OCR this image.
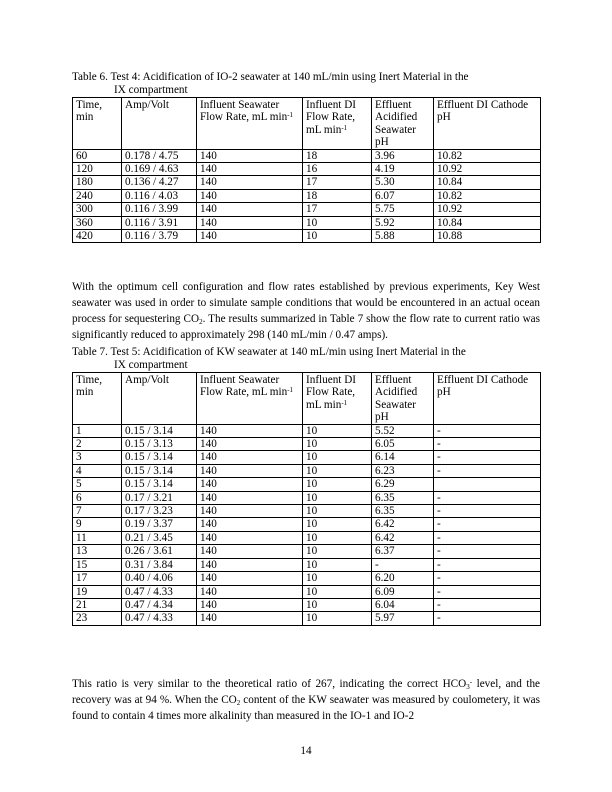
Table 6. Test 4: Acidification of IO-2 seawater at 140 mL/min using Inert Material in the
IX compartment

Time, min	Amp/Volt	Influent Seawater Flow Rate, mL $\min^{-1}$	Influent DI Flow Rate, mL $\min^{-1}$	Effluent Acidified Seawater pH	Effluent DI Cathode pH
60	0.178 / 4.75	140	18	3.96	10.82
120	0.169 / 4.63	140	16	4.19	10.92
180	0.136 / 4.27	140	17	5.30	10.84
240	0.116 / 4.03	140	18	6.07	10.82
300	0.116 / 3.99	140	17	5.75	10.92
360	0.116 / 3.91	140	10	5.92	10.84
420	0.116 / 3.79	140	10	5.88	10.88

With the optimum cell configuration and flow rates established by previous experiments, Key West seawater was used in order to simulate sample conditions that would be encountered in an actual ocean process for sequestering $CO_2$. The results summarized in Table 7 show the flow rate to current ratio was significantly reduced to approximately 298 (140 mL/min / 0.47 amps).

Table 7. Test 5: Acidification of KW seawater at 140 mL/min using Inert Material in the
IX compartment

Time, min	Amp/Volt	Influent Seawater Flow Rate, mL $\min^{-1}$	Influent DI Flow Rate, mL $\min^{-1}$	Effluent Acidified Seawater pH	Effluent DI Cathode pH
1	0.15 / 3.14	140	10	5.52	-
2	0.15 / 3.13	140	10	6.05	-
3	0.15 / 3.14	140	10	6.14	-
4	0.15 / 3.14	140	10	6.23	-
5	0.15 / 3.14	140	10	6.29	
6	0.17 / 3.21	140	10	6.35	-
7	0.17 / 3.23	140	10	6.35	-
9	0.19 / 3.37	140	10	6.42	-
11	0.21 / 3.45	140	10	6.42	-
13	0.26 / 3.61	140	10	6.37	-
15	0.31 / 3.84	140	10	-	-
17	0.40 / 4.06	140	10	6.20	-
19	0.47 / 4.33	140	10	6.09	-
21	0.47 / 4.34	140	10	6.04	-
23	0.47 / 4.33	140	10	5.97	-

This ratio is very similar to the theoretical ratio of 267, indicating the correct $HCO_3^-$ level, and the recovery was at 94 %. When the $CO_2$ content of the KW seawater was measured by coulometery, it was found to contain 4 times more alkalinity than measured in the IO-1 and IO-2

14
